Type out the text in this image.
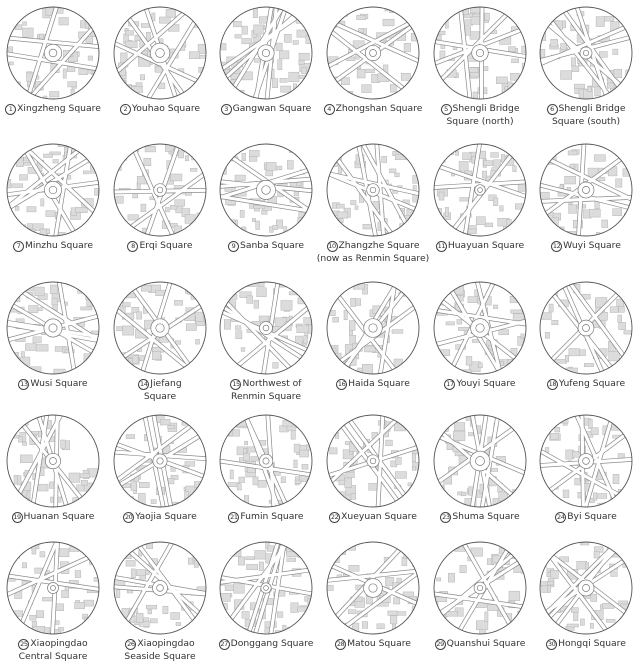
1 Xingzheng Square	2 Youhao Square	3 Gangwan Square	4 Zhongshan Square	5 Shengli Bridge
Square (north)
6 Shengli Bridge
Square (south)
7 Minzhu Square	8 Erqi Square	9 Sanba Square	10 Zhangzhe Square
(now as Renmin Square)
11 Huayuan Square	12 Wuyi Square
13 Wusi Square	14 Jiefang
Square
15 Northwest of
Renmin Square
16 Haida Square	17 Youyi Square	18 Yufeng Square
19 Huanan Square	20 Yaojia Square	21 Fumin Square	22 Xueyuan Square	23 Shuma Square	24 Byi Square
25 Xiaopingdao
Central Square
26 Xiaopingdao
Seaside Square
27 Donggang Square	28 Matou Square	29 Quanshui Square	30 Hongqi Square
